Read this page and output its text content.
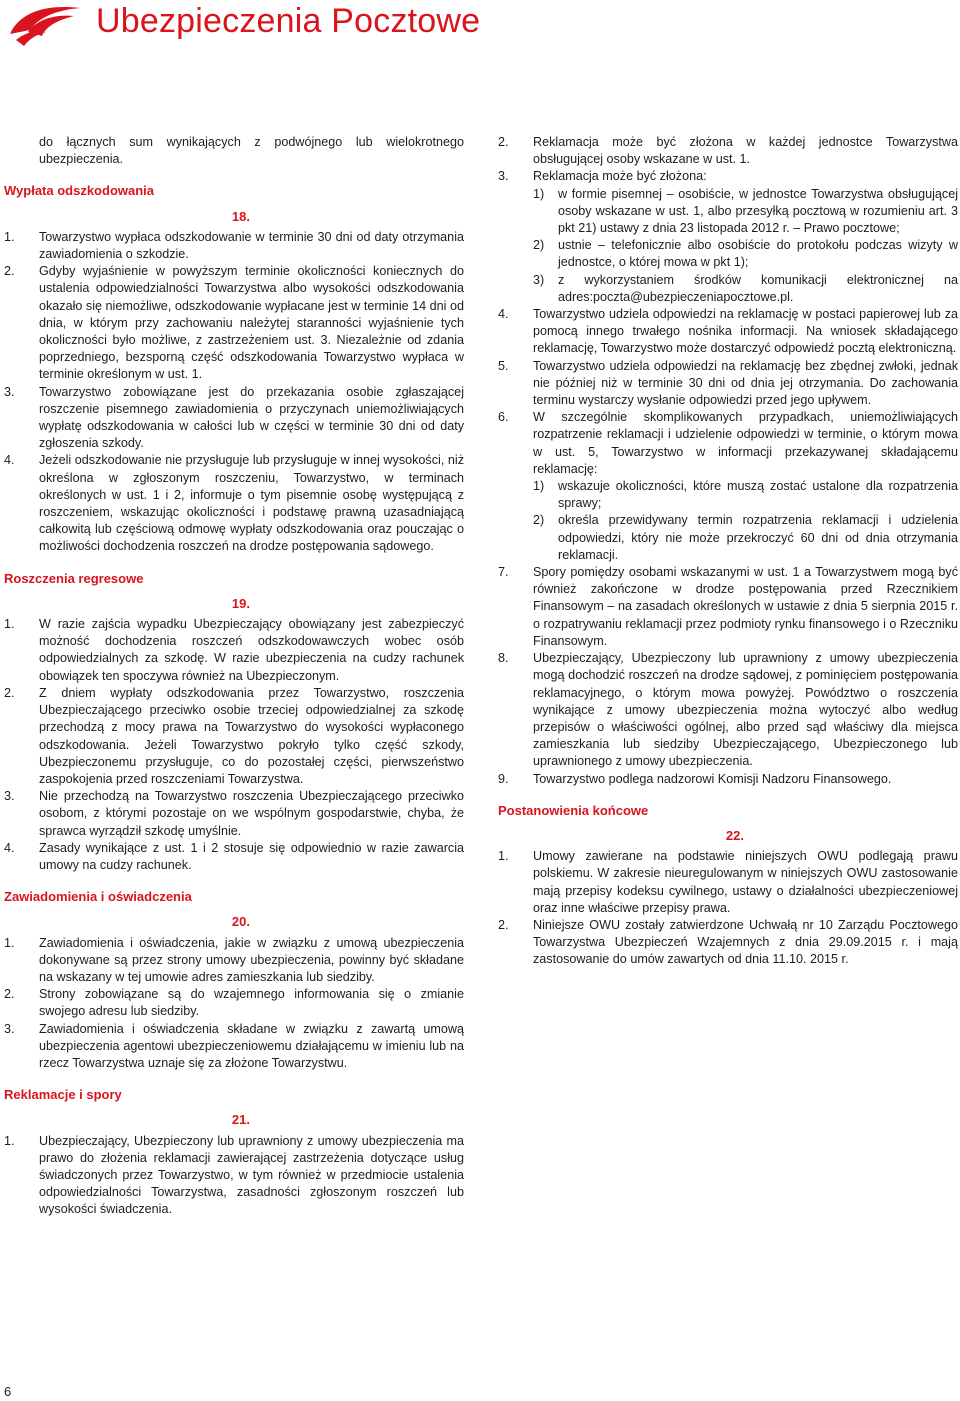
Ubezpieczenia Pocztowe
do łącznych sum wynikających z podwójnego lub wielokrotnego ubezpieczenia.
Wypłata odszkodowania
18.
1. Towarzystwo wypłaca odszkodowanie w terminie 30 dni od daty otrzymania zawiadomienia o szkodzie.
2. Gdyby wyjaśnienie w powyższym terminie okoliczności koniecznych do ustalenia odpowiedzialności Towarzystwa albo wysokości odszkodowania okazało się niemożliwe, odszkodowanie wypłacane jest w terminie 14 dni od dnia, w którym przy zachowaniu należytej staranności wyjaśnienie tych okoliczności było możliwe, z zastrzeżeniem ust. 3. Niezależnie od zdania poprzedniego, bezsporną część odszkodowania Towarzystwo wypłaca w terminie określonym w ust. 1.
3. Towarzystwo zobowiązane jest do przekazania osobie zgłaszającej roszczenie pisemnego zawiadomienia o przyczynach uniemożliwiających wypłatę odszkodowania w całości lub w części w terminie 30 dni od daty zgłoszenia szkody.
4. Jeżeli odszkodowanie nie przysługuje lub przysługuje w innej wysokości, niż określona w zgłoszonym roszczeniu, Towarzystwo, w terminach określonych w ust. 1 i 2, informuje o tym pisemnie osobę występującą z roszczeniem, wskazując okoliczności i podstawę prawną uzasadniającą całkowitą lub częściową odmowę wypłaty odszkodowania oraz pouczając o możliwości dochodzenia roszczeń na drodze postępowania sądowego.
Roszczenia regresowe
19.
1. W razie zajścia wypadku Ubezpieczający obowiązany jest zabezpieczyć możność dochodzenia roszczeń odszkodowawczych wobec osób odpowiedzialnych za szkodę. W razie ubezpieczenia na cudzy rachunek obowiązek ten spoczywa również na Ubezpieczonym.
2. Z dniem wypłaty odszkodowania przez Towarzystwo, roszczenia Ubezpieczającego przeciwko osobie trzeciej odpowiedzialnej za szkodę przechodzą z mocy prawa na Towarzystwo do wysokości wypłaconego odszkodowania. Jeżeli Towarzystwo pokryło tylko część szkody, Ubezpieczonemu przysługuje, co do pozostałej części, pierwszeństwo zaspokojenia przed roszczeniami Towarzystwa.
3. Nie przechodzą na Towarzystwo roszczenia Ubezpieczającego przeciwko osobom, z którymi pozostaje on we wspólnym gospodarstwie, chyba, że sprawca wyrządził szkodę umyślnie.
4. Zasady wynikające z ust. 1 i 2 stosuje się odpowiednio w razie zawarcia umowy na cudzy rachunek.
Zawiadomienia i oświadczenia
20.
1. Zawiadomienia i oświadczenia, jakie w związku z umową ubezpieczenia dokonywane są przez strony umowy ubezpieczenia, powinny być składane na wskazany w tej umowie adres zamieszkania lub siedziby.
2. Strony zobowiązane są do wzajemnego informowania się o zmianie swojego adresu lub siedziby.
3. Zawiadomienia i oświadczenia składane w związku z zawartą umową ubezpieczenia agentowi ubezpieczeniowemu działającemu w imieniu lub na rzecz Towarzystwa uznaje się za złożone Towarzystwu.
Reklamacje i spory
21.
1. Ubezpieczający, Ubezpieczony lub uprawniony z umowy ubezpieczenia ma prawo do złożenia reklamacji zawierającej zastrzeżenia dotyczące usług świadczonych przez Towarzystwo, w tym również w przedmiocie ustalenia odpowiedzialności Towarzystwa, zasadności zgłoszonym roszczeń lub wysokości świadczenia.
2. Reklamacja może być złożona w każdej jednostce Towarzystwa obsługującej osoby wskazane w ust. 1.
3. Reklamacja może być złożona:
1) w formie pisemnej – osobiście, w jednostce Towarzystwa obsługującej osoby wskazane w ust. 1, albo przesyłką pocztową w rozumieniu art. 3 pkt 21) ustawy z dnia 23 listopada 2012 r. – Prawo pocztowe;
2) ustnie – telefonicznie albo osobiście do protokołu podczas wizyty w jednostce, o której mowa w pkt 1);
3) z wykorzystaniem środków komunikacji elektronicznej na adres:poczta@ubezpieczeniapocztowe.pl.
4. Towarzystwo udziela odpowiedzi na reklamację w postaci papierowej lub za pomocą innego trwałego nośnika informacji. Na wniosek składającego reklamację, Towarzystwo może dostarczyć odpowiedź pocztą elektroniczną.
5. Towarzystwo udziela odpowiedzi na reklamację bez zbędnej zwłoki, jednak nie później niż w terminie 30 dni od dnia jej otrzymania. Do zachowania terminu wystarczy wysłanie odpowiedzi przed jego upływem.
6. W szczególnie skomplikowanych przypadkach, uniemożliwiających rozpatrzenie reklamacji i udzielenie odpowiedzi w terminie, o którym mowa w ust. 5, Towarzystwo w informacji przekazywanej składającemu reklamację:
1) wskazuje okoliczności, które muszą zostać ustalone dla rozpatrzenia sprawy;
2) określa przewidywany termin rozpatrzenia reklamacji i udzielenia odpowiedzi, który nie może przekroczyć 60 dni od dnia otrzymania reklamacji.
7. Spory pomiędzy osobami wskazanymi w ust. 1 a Towarzystwem mogą być również zakończone w drodze postępowania przed Rzecznikiem Finansowym – na zasadach określonych w ustawie z dnia 5 sierpnia 2015 r. o rozpatrywaniu reklamacji przez podmioty rynku finansowego i o Rzeczniku Finansowym.
8. Ubezpieczający, Ubezpieczony lub uprawniony z umowy ubezpieczenia mogą dochodzić roszczeń na drodze sądowej, z pominięciem postępowania reklamacyjnego, o którym mowa powyżej. Powództwo o roszczenia wynikające z umowy ubezpieczenia można wytoczyć albo według przepisów o właściwości ogólnej, albo przed sąd właściwy dla miejsca zamieszkania lub siedziby Ubezpieczającego, Ubezpieczonego lub uprawnionego z umowy ubezpieczenia.
9. Towarzystwo podlega nadzorowi Komisji Nadzoru Finansowego.
Postanowienia końcowe
22.
1. Umowy zawierane na podstawie niniejszych OWU podlegają prawu polskiemu. W zakresie nieuregulowanym w niniejszych OWU zastosowanie mają przepisy kodeksu cywilnego, ustawy o działalności ubezpieczeniowej oraz inne właściwe przepisy prawa.
2. Niniejsze OWU zostały zatwierdzone Uchwałą nr 10 Zarządu Pocztowego Towarzystwa Ubezpieczeń Wzajemnych z dnia 29.09.2015 r. i mają zastosowanie do umów zawartych od dnia 11.10. 2015 r.
6
